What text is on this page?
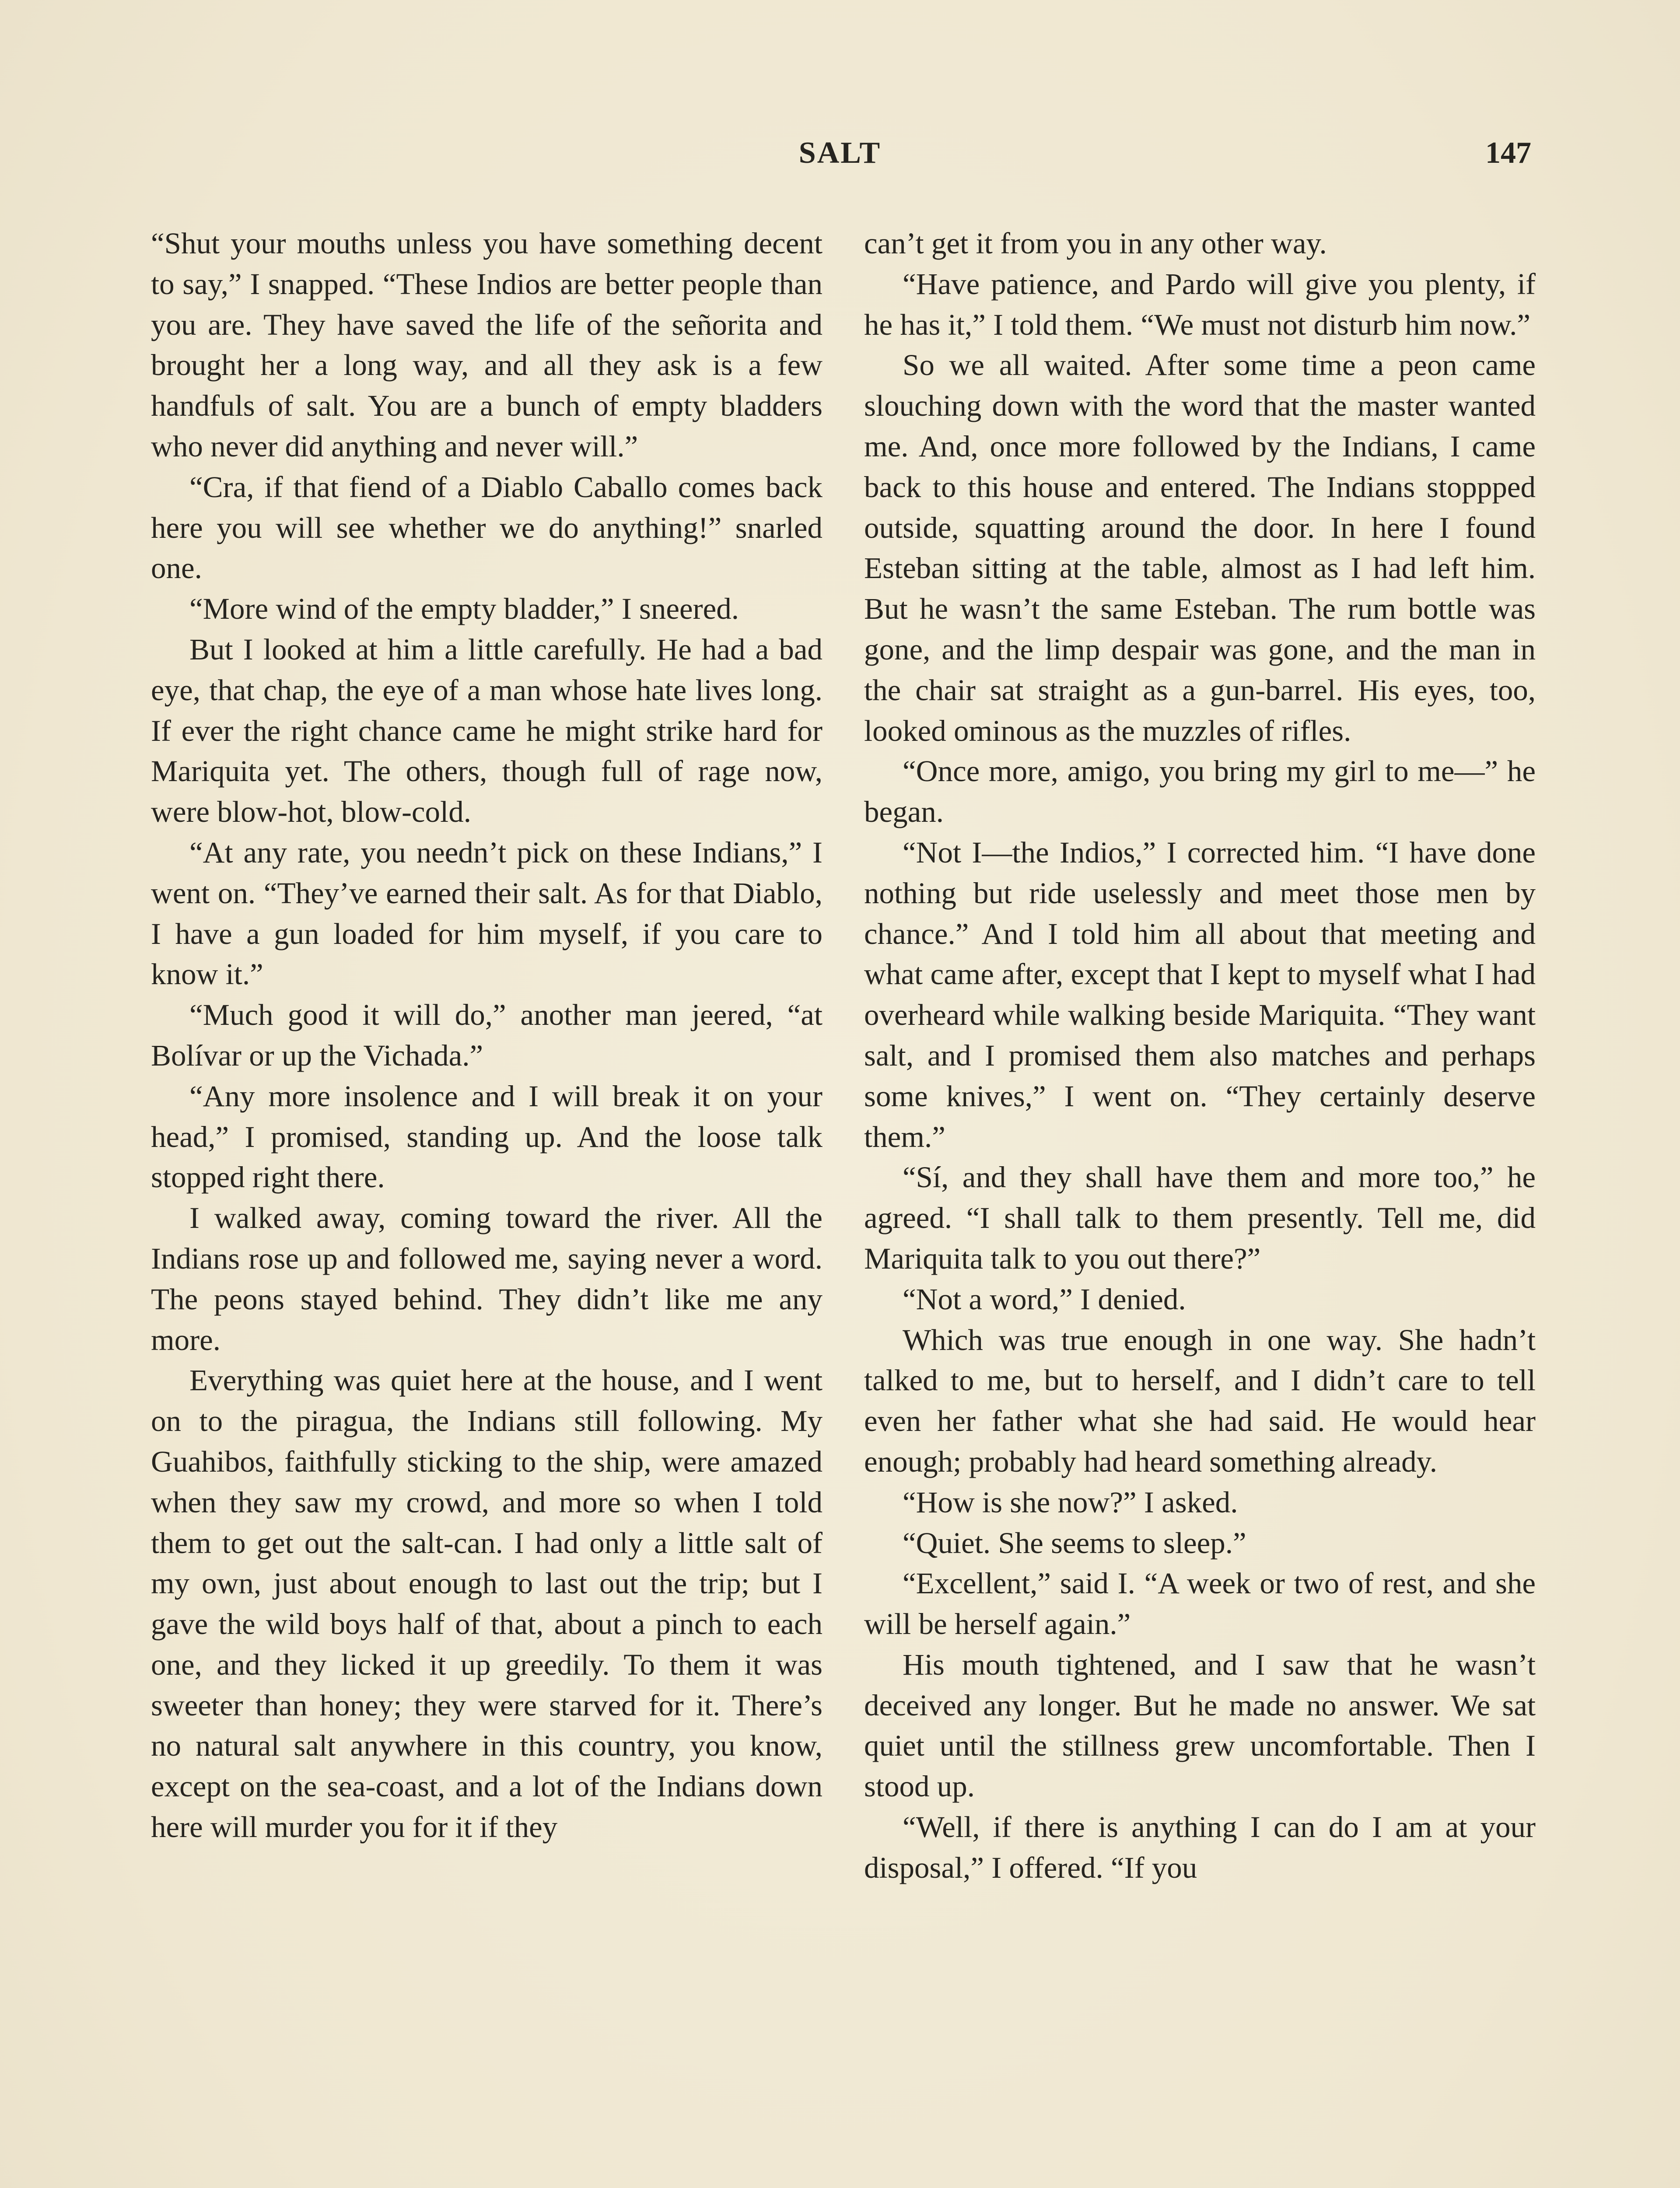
SALT	147

“Shut your mouths unless you have something decent to say,” I snapped. “These Indios are better people than you are. They have saved the life of the señorita and brought her a long way, and all they ask is a few handfuls of salt. You are a bunch of empty bladders who never did anything and never will.”

“Cra, if that fiend of a Diablo Caballo comes back here you will see whether we do anything!” snarled one.

“More wind of the empty bladder,” I sneered.

But I looked at him a little carefully. He had a bad eye, that chap, the eye of a man whose hate lives long. If ever the right chance came he might strike hard for Mariquita yet. The others, though full of rage now, were blow-hot, blow-cold.

“At any rate, you needn’t pick on these Indians,” I went on. “They’ve earned their salt. As for that Diablo, I have a gun loaded for him myself, if you care to know it.”

“Much good it will do,” another man jeered, “at Bolívar or up the Vichada.”

“Any more insolence and I will break it on your head,” I promised, standing up. And the loose talk stopped right there.

I walked away, coming toward the river. All the Indians rose up and followed me, saying never a word. The peons stayed behind. They didn’t like me any more.

Everything was quiet here at the house, and I went on to the piragua, the Indians still following. My Guahibos, faithfully sticking to the ship, were amazed when they saw my crowd, and more so when I told them to get out the salt-can. I had only a little salt of my own, just about enough to last out the trip; but I gave the wild boys half of that, about a pinch to each one, and they licked it up greedily. To them it was sweeter than honey; they were starved for it. There’s no natural salt anywhere in this country, you know, except on the sea-coast, and a lot of the Indians down here will murder you for it if they

can’t get it from you in any other way.

“Have patience, and Pardo will give you plenty, if he has it,” I told them. “We must not disturb him now.”

So we all waited. After some time a peon came slouching down with the word that the master wanted me. And, once more followed by the Indians, I came back to this house and entered. The Indians stoppped outside, squatting around the door. In here I found Esteban sitting at the table, almost as I had left him. But he wasn’t the same Esteban. The rum bottle was gone, and the limp despair was gone, and the man in the chair sat straight as a gun-barrel. His eyes, too, looked ominous as the muzzles of rifles.

“Once more, amigo, you bring my girl to me—” he began.

“Not I—the Indios,” I corrected him. “I have done nothing but ride uselessly and meet those men by chance.” And I told him all about that meeting and what came after, except that I kept to myself what I had overheard while walking beside Mariquita. “They want salt, and I promised them also matches and perhaps some knives,” I went on. “They certainly deserve them.”

“Sí, and they shall have them and more too,” he agreed. “I shall talk to them presently. Tell me, did Mariquita talk to you out there?”

“Not a word,” I denied.

Which was true enough in one way. She hadn’t talked to me, but to herself, and I didn’t care to tell even her father what she had said. He would hear enough; probably had heard something already.

“How is she now?” I asked.

“Quiet. She seems to sleep.”

“Excellent,” said I. “A week or two of rest, and she will be herself again.”

His mouth tightened, and I saw that he wasn’t deceived any longer. But he made no answer. We sat quiet until the stillness grew uncomfortable. Then I stood up.

“Well, if there is anything I can do I am at your disposal,” I offered. “If you
